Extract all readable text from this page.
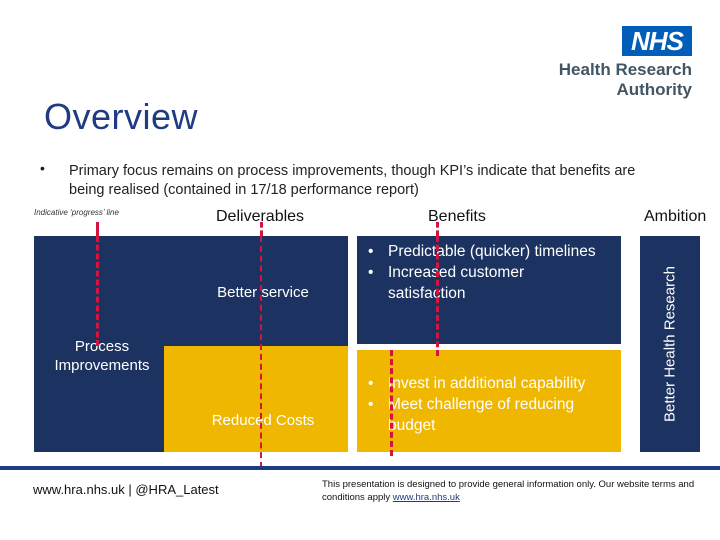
NHS
Health Research
Authority
Overview
• Primary focus remains on process improvements, though KPI’s indicate that benefits are being realised (contained in 17/18 performance report)
Indicative ‘progress’ line	Deliverables	Benefits	Ambition
Better Health Research
Process Improvements
Better service
Reduced Costs
• Predictable (quicker) timelines
• Increased customer satisfaction
• Invest in additional capability
• Meet challenge of reducing budget
www.hra.nhs.uk | @HRA_Latest	This presentation is designed to provide general information only. Our website terms and conditions apply www.hra.nhs.uk
